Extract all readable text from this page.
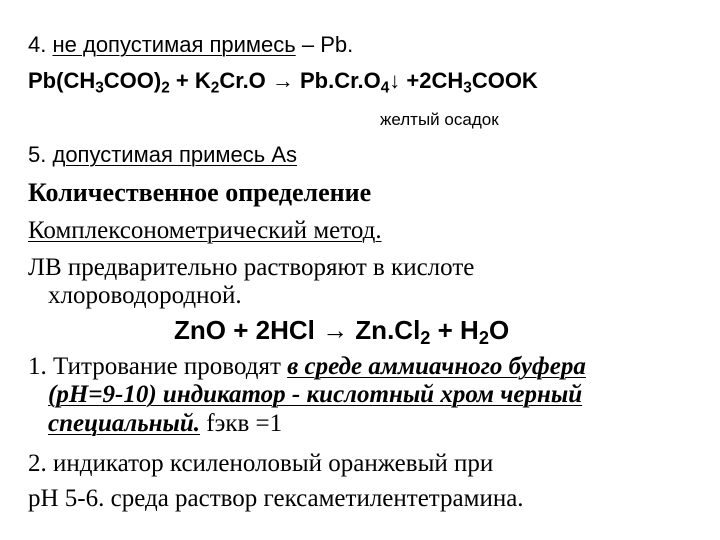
4. не допустимая примесь – Pb.
$Pb(CH_3COO)_2 + K_2Cr.O$ → $Pb.Cr.O_4↓$ $+2CH_3COOK$
желтый осадок
5. допустимая примесь As
Количественное определение
Комплексонометрический метод.
ЛВ предварительно растворяют в кислоте
хлороводородной.
ZnO + $2HCl \to Zn.Cl_2 + H_2O$
1. Титрование проводят в среде аммиачного буфера
(рН=9-10) индикатор - кислотный хром черный
специальный. fэкв =1
2. индикатор ксиленоловый оранжевый при
рН 5-6. среда раствор гексаметилентетрамина.
